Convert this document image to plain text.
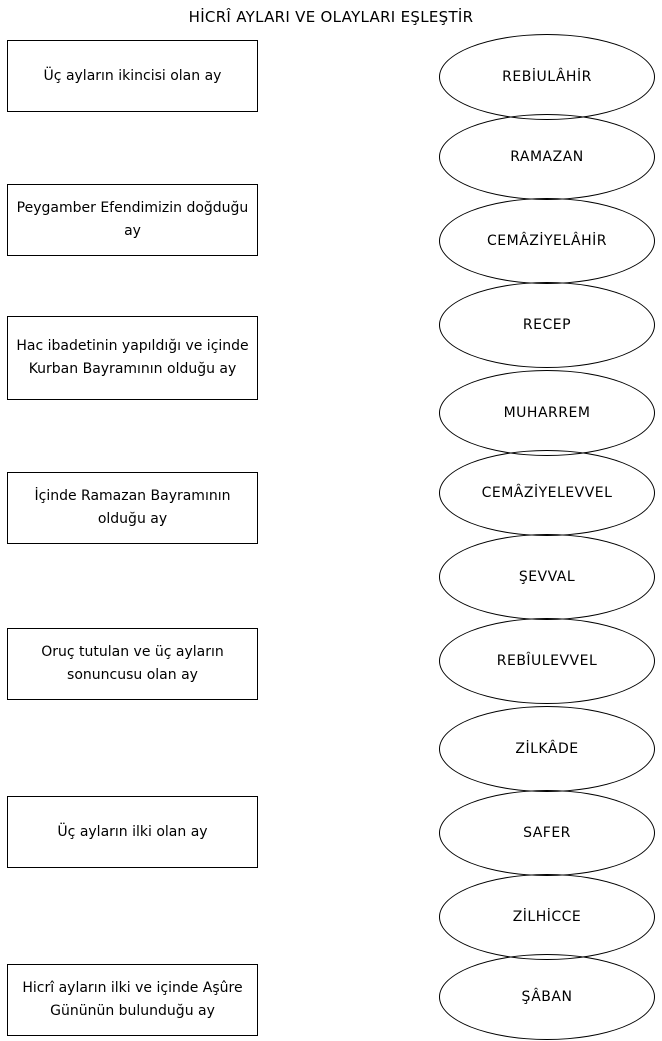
HİCRÎ AYLARI VE OLAYLARI EŞLEŞTİR
Üç ayların ikincisi olan ay
Peygamber Efendimizin doğduğu ay
Hac ibadetinin yapıldığı ve içinde Kurban Bayramının olduğu ay
İçinde Ramazan Bayramının olduğu ay
Oruç tutulan ve üç ayların sonuncusu olan ay
Üç ayların ilki olan ay
Hicrî ayların ilki ve içinde Aşûre Gününün bulunduğu ay
REBİULÂHİR
RAMAZAN
CEMÂZİYELÂHİR
RECEP
MUHARREM
CEMÂZİYELEVVEL
ŞEVVAL
REBÎULEVVEL
ZİLKÂDE
SAFER
ZİLHİCCE
ŞÂBAN
